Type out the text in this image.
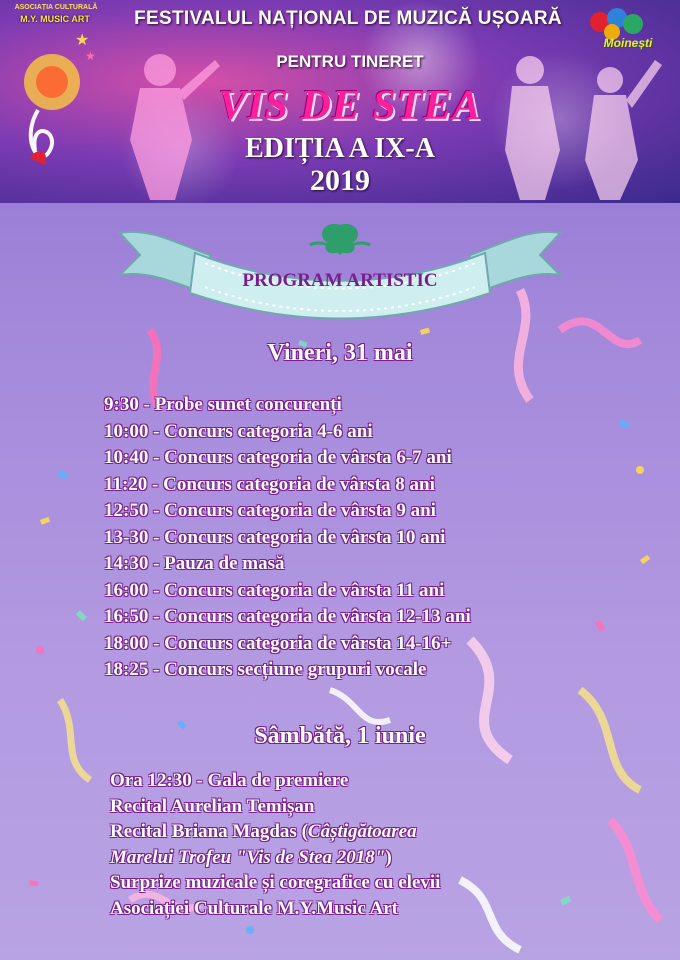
★
★
ASOCIAȚIA CULTURALĂ
M.Y. MUSIC ART
Moinești
FESTIVALUL NAȚIONAL DE MUZICĂ UȘOARĂ
PENTRU TINERET
VIS DE STEA
EDIȚIA A IX-A
2019
PROGRAM ARTISTIC
Vineri, 31 mai
9:30 - Probe sunet concurenți
10:00 - Concurs categoria 4-6 ani
10:40 - Concurs categoria de vârsta 6-7 ani
11:20 - Concurs categoria de vârsta 8 ani
12:50 - Concurs categoria de vârsta 9 ani
13-30 - Concurs categoria de vârsta 10 ani
14:30 - Pauza de masă
16:00 - Concurs categoria de vârsta 11 ani
16:50 - Concurs categoria de vârsta 12-13 ani
18:00 - Concurs categoria de vârsta 14-16+
18:25 - Concurs secțiune grupuri vocale
Sâmbătă, 1 iunie
Ora 12:30 - Gala de premiere
Recital Aurelian Temișan
Recital Briana Magdas (Câștigătoarea
Marelui Trofeu "Vis de Stea 2018")
Surprize muzicale și coregrafice cu elevii
Asociației Culturale M.Y.Music Art
